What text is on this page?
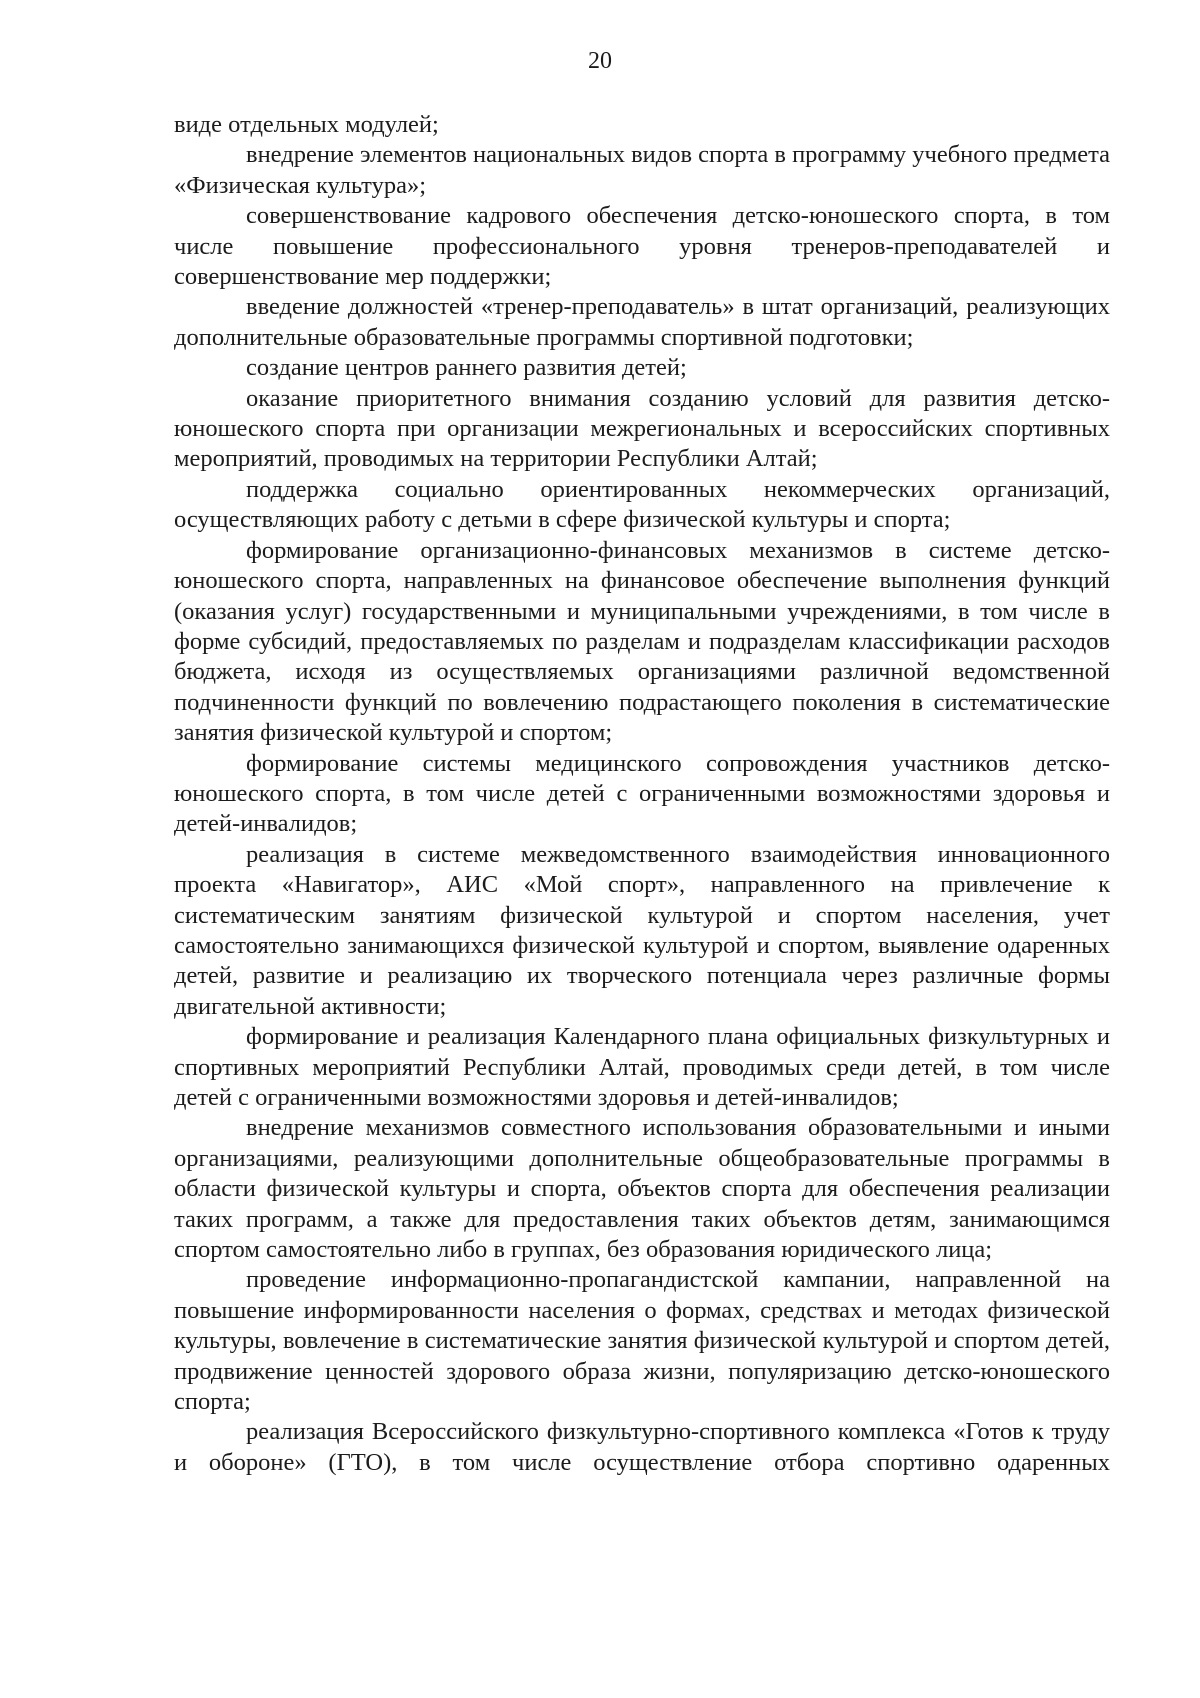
20

виде отдельных модулей;

внедрение элементов национальных видов спорта в программу учебного предмета «Физическая культура»;

совершенствование кадрового обеспечения детско-юношеского спорта, в том числе повышение профессионального уровня тренеров-преподавателей и совершенствование мер поддержки;

введение должностей «тренер-преподаватель» в штат организаций, реализующих дополнительные образовательные программы спортивной подготовки;

создание центров раннего развития детей;

оказание приоритетного внимания созданию условий для развития детско-юношеского спорта при организации межрегиональных и всероссийских спортивных мероприятий, проводимых на территории Республики Алтай;

поддержка социально ориентированных некоммерческих организаций, осуществляющих работу с детьми в сфере физической культуры и спорта;

формирование организационно-финансовых механизмов в системе детско-юношеского спорта, направленных на финансовое обеспечение выполнения функций (оказания услуг) государственными и муниципальными учреждениями, в том числе в форме субсидий, предоставляемых по разделам и подразделам классификации расходов бюджета, исходя из осуществляемых организациями различной ведомственной подчиненности функций по вовлечению подрастающего поколения в систематические занятия физической культурой и спортом;

формирование системы медицинского сопровождения участников детско-юношеского спорта, в том числе детей с ограниченными возможностями здоровья и детей-инвалидов;

реализация в системе межведомственного взаимодействия инновационного проекта «Навигатор», АИС «Мой спорт», направленного на привлечение к систематическим занятиям физической культурой и спортом населения, учет самостоятельно занимающихся физической культурой и спортом, выявление одаренных детей, развитие и реализацию их творческого потенциала через различные формы двигательной активности;

формирование и реализация Календарного плана официальных физкультурных и спортивных мероприятий Республики Алтай, проводимых среди детей, в том числе детей с ограниченными возможностями здоровья и детей-инвалидов;

внедрение механизмов совместного использования образовательными и иными организациями, реализующими дополнительные общеобразовательные программы в области физической культуры и спорта, объектов спорта для обеспечения реализации таких программ, а также для предоставления таких объектов детям, занимающимся спортом самостоятельно либо в группах, без образования юридического лица;

проведение информационно-пропагандистской кампании, направленной на повышение информированности населения о формах, средствах и методах физической культуры, вовлечение в систематические занятия физической культурой и спортом детей, продвижение ценностей здорового образа жизни, популяризацию детско-юношеского спорта;

реализация Всероссийского физкультурно-спортивного комплекса «Готов к труду и обороне» (ГТО), в том числе осуществление отбора спортивно одаренных
